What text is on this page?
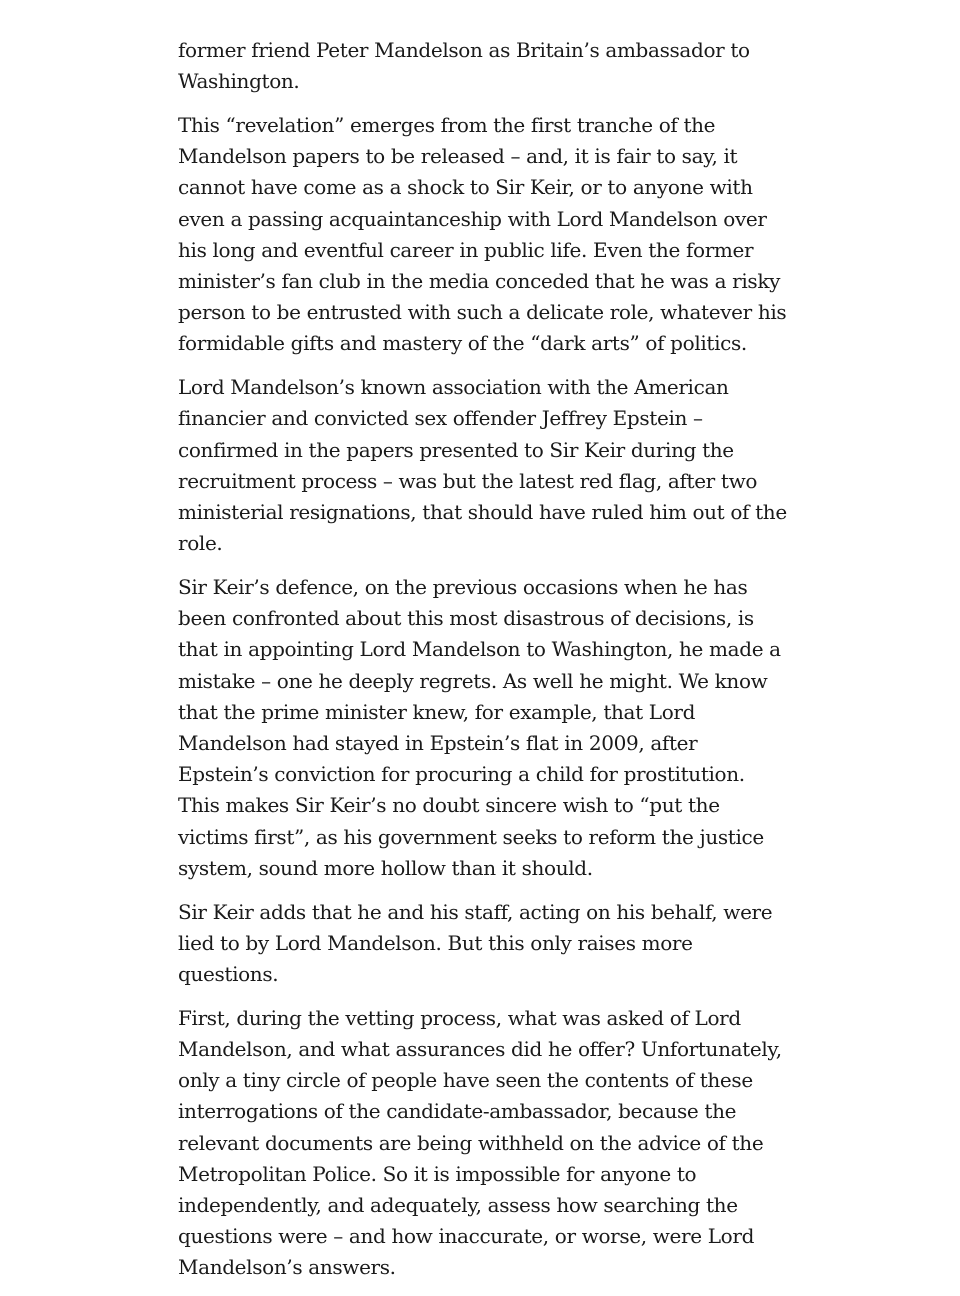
former friend Peter Mandelson as Britain’s ambassador to Washington.

This “revelation” emerges from the first tranche of the Mandelson papers to be released – and, it is fair to say, it cannot have come as a shock to Sir Keir, or to anyone with even a passing acquaintanceship with Lord Mandelson over his long and eventful career in public life. Even the former minister’s fan club in the media conceded that he was a risky person to be entrusted with such a delicate role, whatever his formidable gifts and mastery of the “dark arts” of politics.

Lord Mandelson’s known association with the American financier and convicted sex offender Jeffrey Epstein – confirmed in the papers presented to Sir Keir during the recruitment process – was but the latest red flag, after two ministerial resignations, that should have ruled him out of the role.

Sir Keir’s defence, on the previous occasions when he has been confronted about this most disastrous of decisions, is that in appointing Lord Mandelson to Washington, he made a mistake – one he deeply regrets. As well he might. We know that the prime minister knew, for example, that Lord Mandelson had stayed in Epstein’s flat in 2009, after Epstein’s conviction for procuring a child for prostitution. This makes Sir Keir’s no doubt sincere wish to “put the victims first”, as his government seeks to reform the justice system, sound more hollow than it should.

Sir Keir adds that he and his staff, acting on his behalf, were lied to by Lord Mandelson. But this only raises more questions.

First, during the vetting process, what was asked of Lord Mandelson, and what assurances did he offer? Unfortunately, only a tiny circle of people have seen the contents of these interrogations of the candidate-ambassador, because the relevant documents are being withheld on the advice of the Metropolitan Police. So it is impossible for anyone to independently, and adequately, assess how searching the questions were – and how inaccurate, or worse, were Lord Mandelson’s answers.
